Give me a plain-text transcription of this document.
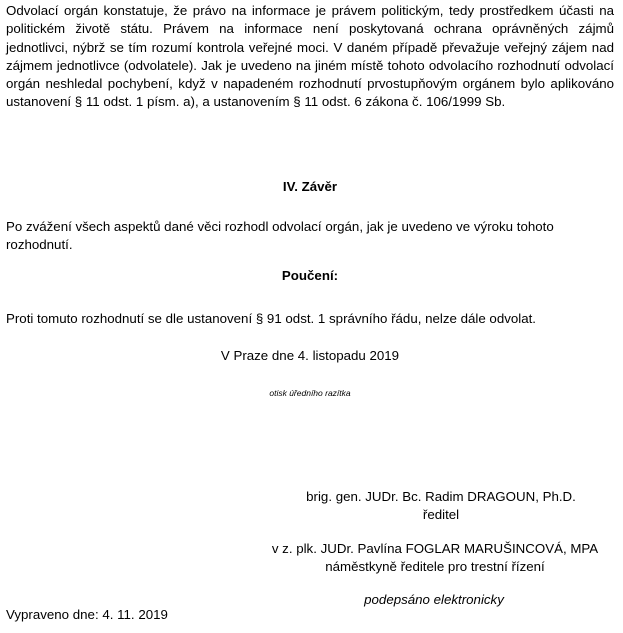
Odvolací orgán konstatuje, že právo na informace je právem politickým, tedy prostředkem účasti na politickém životě státu. Právem na informace není poskytovaná ochrana oprávněných zájmů jednotlivci, nýbrž se tím rozumí kontrola veřejné moci. V daném případě převažuje veřejný zájem nad zájmem jednotlivce (odvolatele). Jak je uvedeno na jiném místě tohoto odvolacího rozhodnutí odvolací orgán neshledal pochybení, když v napadeném rozhodnutí prvostupňovým orgánem bylo aplikováno ustanovení § 11 odst. 1 písm. a), a ustanovením § 11 odst. 6 zákona č. 106/1999 Sb.
IV. Závěr
Po zvážení všech aspektů dané věci rozhodl odvolací orgán, jak je uvedeno ve výroku tohoto rozhodnutí.
Poučení:
Proti tomuto rozhodnutí se dle ustanovení § 91 odst. 1 správního řádu, nelze dále odvolat.
V Praze dne 4. listopadu 2019
otisk úředního razítka
brig. gen. JUDr. Bc. Radim DRAGOUN, Ph.D.
ředitel
v z. plk. JUDr. Pavlína FOGLAR MARUŠINCOVÁ, MPA
náměstkyně ředitele pro trestní řízení
podepsáno elektronicky
Vypraveno dne: 4. 11. 2019
